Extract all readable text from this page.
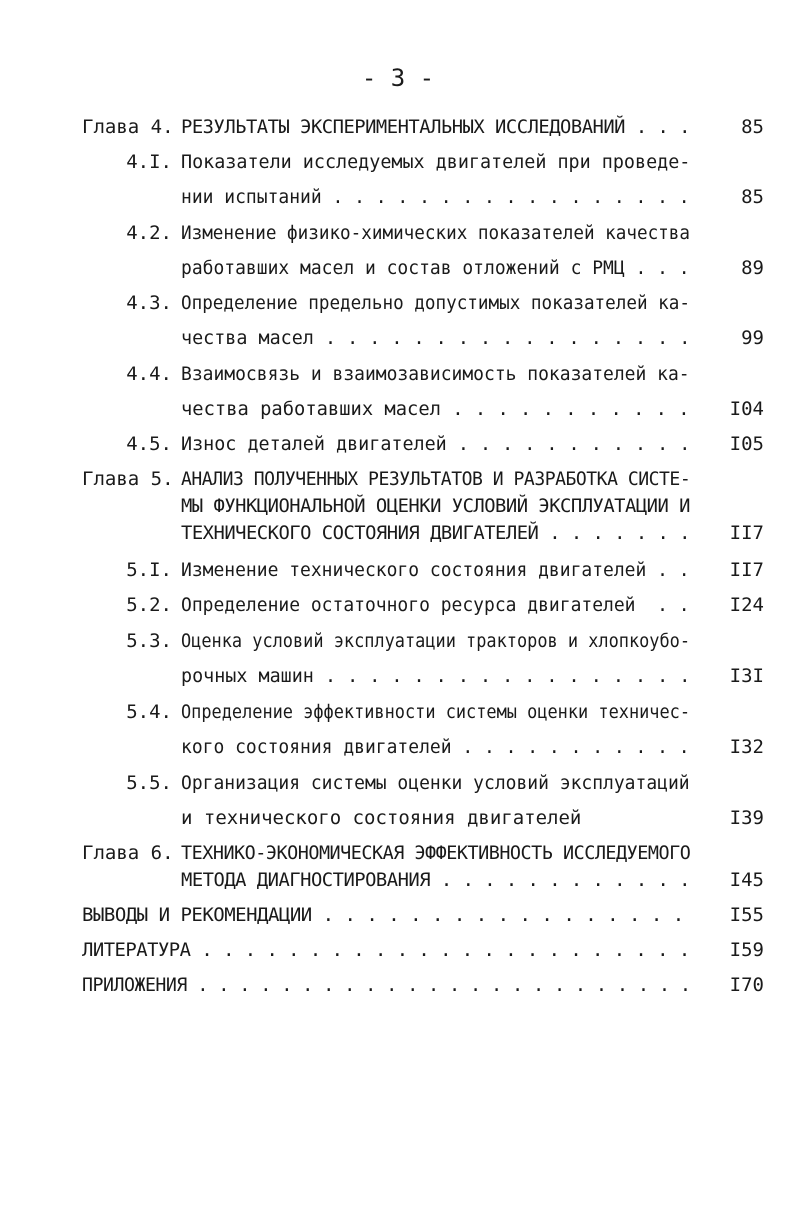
- 3 -
Глава 4. РЕЗУЛЬТАТЫ ЭКСПЕРИМЕНТАЛЬНЫХ ИССЛЕДОВАНИЙ . . .	85
4.I. Показатели исследуемых двигателей при проведе-
нии испытаний . . . . . . . . . . . . . . . . .	85
4.2. Изменение физико-химических показателей качества
работавших масел и состав отложений с РМЦ . . .	89
4.3. Определение предельно допустимых показателей ка-
чества масел . . . . . . . . . . . . . . . . .	99
4.4. Взаимосвязь и взаимозависимость показателей ка-
чества работавших масел . . . . . . . . . . .	I04
4.5. Износ деталей двигателей . . . . . . . . . . .	I05
Глава 5. АНАЛИЗ ПОЛУЧЕННЫХ РЕЗУЛЬТАТОВ И РАЗРАБОТКА СИСТЕ-
МЫ ФУНКЦИОНАЛЬНОЙ ОЦЕНКИ УСЛОВИЙ ЭКСПЛУАТАЦИИ И
ТЕХНИЧЕСКОГО СОСТОЯНИЯ ДВИГАТЕЛЕЙ . . . . . . .	II7
5.I. Изменение технического состояния двигателей . .	II7
5.2. Определение остаточного ресурса двигателей  . .	I24
5.3. Оценка условий эксплуатации тракторов и хлопкоубо-
рочных машин . . . . . . . . . . . . . . . . .	I3I
5.4. Определение эффективности системы оценки техничес-
кого состояния двигателей . . . . . . . . . . .	I32
5.5. Организация системы оценки условий эксплуатаций
и технического состояния двигателей	I39
Глава 6. ТЕХНИКО-ЭКОНОМИЧЕСКАЯ ЭФФЕКТИВНОСТЬ ИССЛЕДУЕМОГО
МЕТОДА ДИАГНОСТИРОВАНИЯ . . . . . . . . . . . .	I45
ВЫВОДЫ И РЕКОМЕНДАЦИИ . . . . . . . . . . . . . . . . .	I55
ЛИТЕРАТУРА . . . . . . . . . . . . . . . . . . . . . . .	I59
ПРИЛОЖЕНИЯ . . . . . . . . . . . . . . . . . . . . . . . .	I70
